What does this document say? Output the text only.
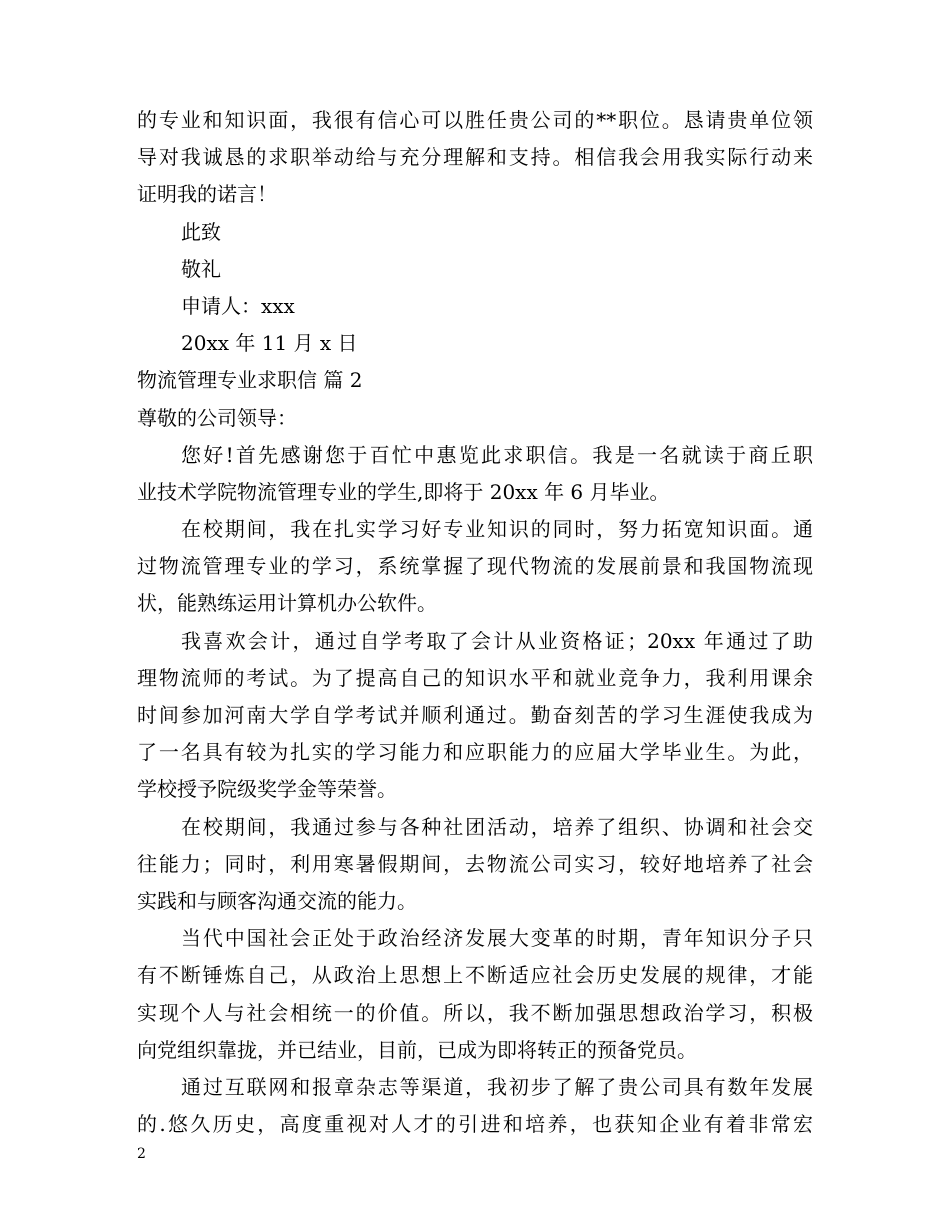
的专业和知识面，我很有信心可以胜任贵公司的**职位。恳请贵单位领
导对我诚恳的求职举动给与充分理解和支持。相信我会用我实际行动来
证明我的诺言！
此致
敬礼
申请人：xxx
20xx 年 11 月 x 日
物流管理专业求职信 篇 2
尊敬的公司领导：
您好!首先感谢您于百忙中惠览此求职信。我是一名就读于商丘职
业技术学院物流管理专业的学生,即将于 20xx 年 6 月毕业。
在校期间，我在扎实学习好专业知识的同时，努力拓宽知识面。通
过物流管理专业的学习，系统掌握了现代物流的发展前景和我国物流现
状，能熟练运用计算机办公软件。
我喜欢会计，通过自学考取了会计从业资格证；20xx 年通过了助
理物流师的考试。为了提高自己的知识水平和就业竞争力，我利用课余
时间参加河南大学自学考试并顺利通过。勤奋刻苦的学习生涯使我成为
了一名具有较为扎实的学习能力和应职能力的应届大学毕业生。为此，
学校授予院级奖学金等荣誉。
在校期间，我通过参与各种社团活动，培养了组织、协调和社会交
往能力；同时，利用寒暑假期间，去物流公司实习，较好地培养了社会
实践和与顾客沟通交流的能力。
当代中国社会正处于政治经济发展大变革的时期，青年知识分子只
有不断锤炼自己，从政治上思想上不断适应社会历史发展的规律，才能
实现个人与社会相统一的价值。所以，我不断加强思想政治学习，积极
向党组织靠拢，并已结业，目前，已成为即将转正的预备党员。
通过互联网和报章杂志等渠道，我初步了解了贵公司具有数年发展
的.悠久历史，高度重视对人才的引进和培养，也获知企业有着非常宏
2
